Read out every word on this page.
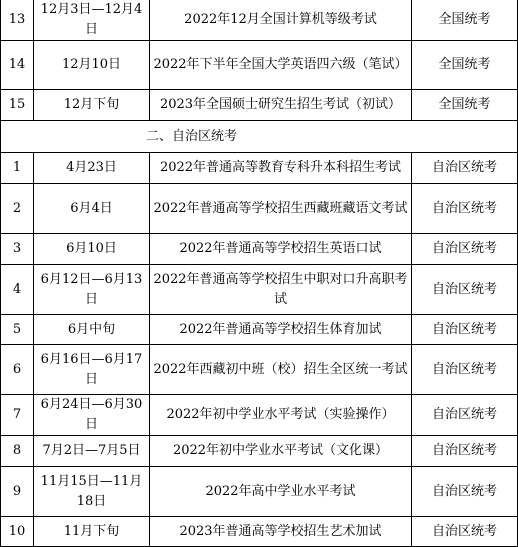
13	12月3日—12月4日	2022年12月全国计算机等级考试	全国统考
14	12月10日	2022年下半年全国大学英语四六级（笔试）	全国统考
15	12月下旬	2023年全国硕士研究生招生考试（初试）	全国统考
二、自治区统考			
1	4月23日	2022年普通高等教育专科升本科招生考试	自治区统考
2	6月4日	2022年普通高等学校招生西藏班藏语文考试	自治区统考
3	6月10日	2022年普通高等学校招生英语口试	自治区统考
4	6月12日—6月13日	2022年普通高等学校招生中职对口升高职考试	自治区统考
5	6月中旬	2022年普通高等学校招生体育加试	自治区统考
6	6月16日—6月17日	2022年西藏初中班（校）招生全区统一考试	自治区统考
7	6月24日—6月30日	2022年初中学业水平考试（实验操作）	自治区统考
8	7月2日—7月5日	2022年初中学业水平考试（文化课）	自治区统考
9	11月15日—11月18日	2022年高中学业水平考试	自治区统考
10	11月下旬	2023年普通高等学校招生艺术加试	自治区统考
